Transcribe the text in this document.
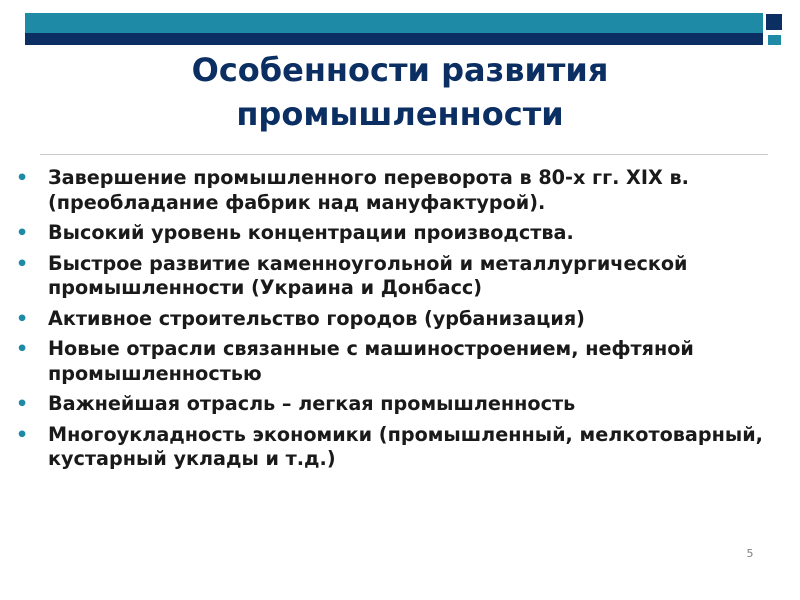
Особенности развития
промышленности
•	Завершение промышленного переворота в 80-х гг. XIX в.(преобладание фабрик над мануфактурой).
•	Высокий уровень концентрации производства.
•	Быстрое развитие каменноугольной и металлургической промышленности (Украина и Донбасс)
•	Активное строительство городов (урбанизация)
•	Новые отрасли связанные с машиностроением, нефтяной промышленностью
•	Важнейшая отрасль – легкая промышленность
•	Многоукладность экономики (промышленный, мелкотоварный, кустарный уклады и т.д.)
5
